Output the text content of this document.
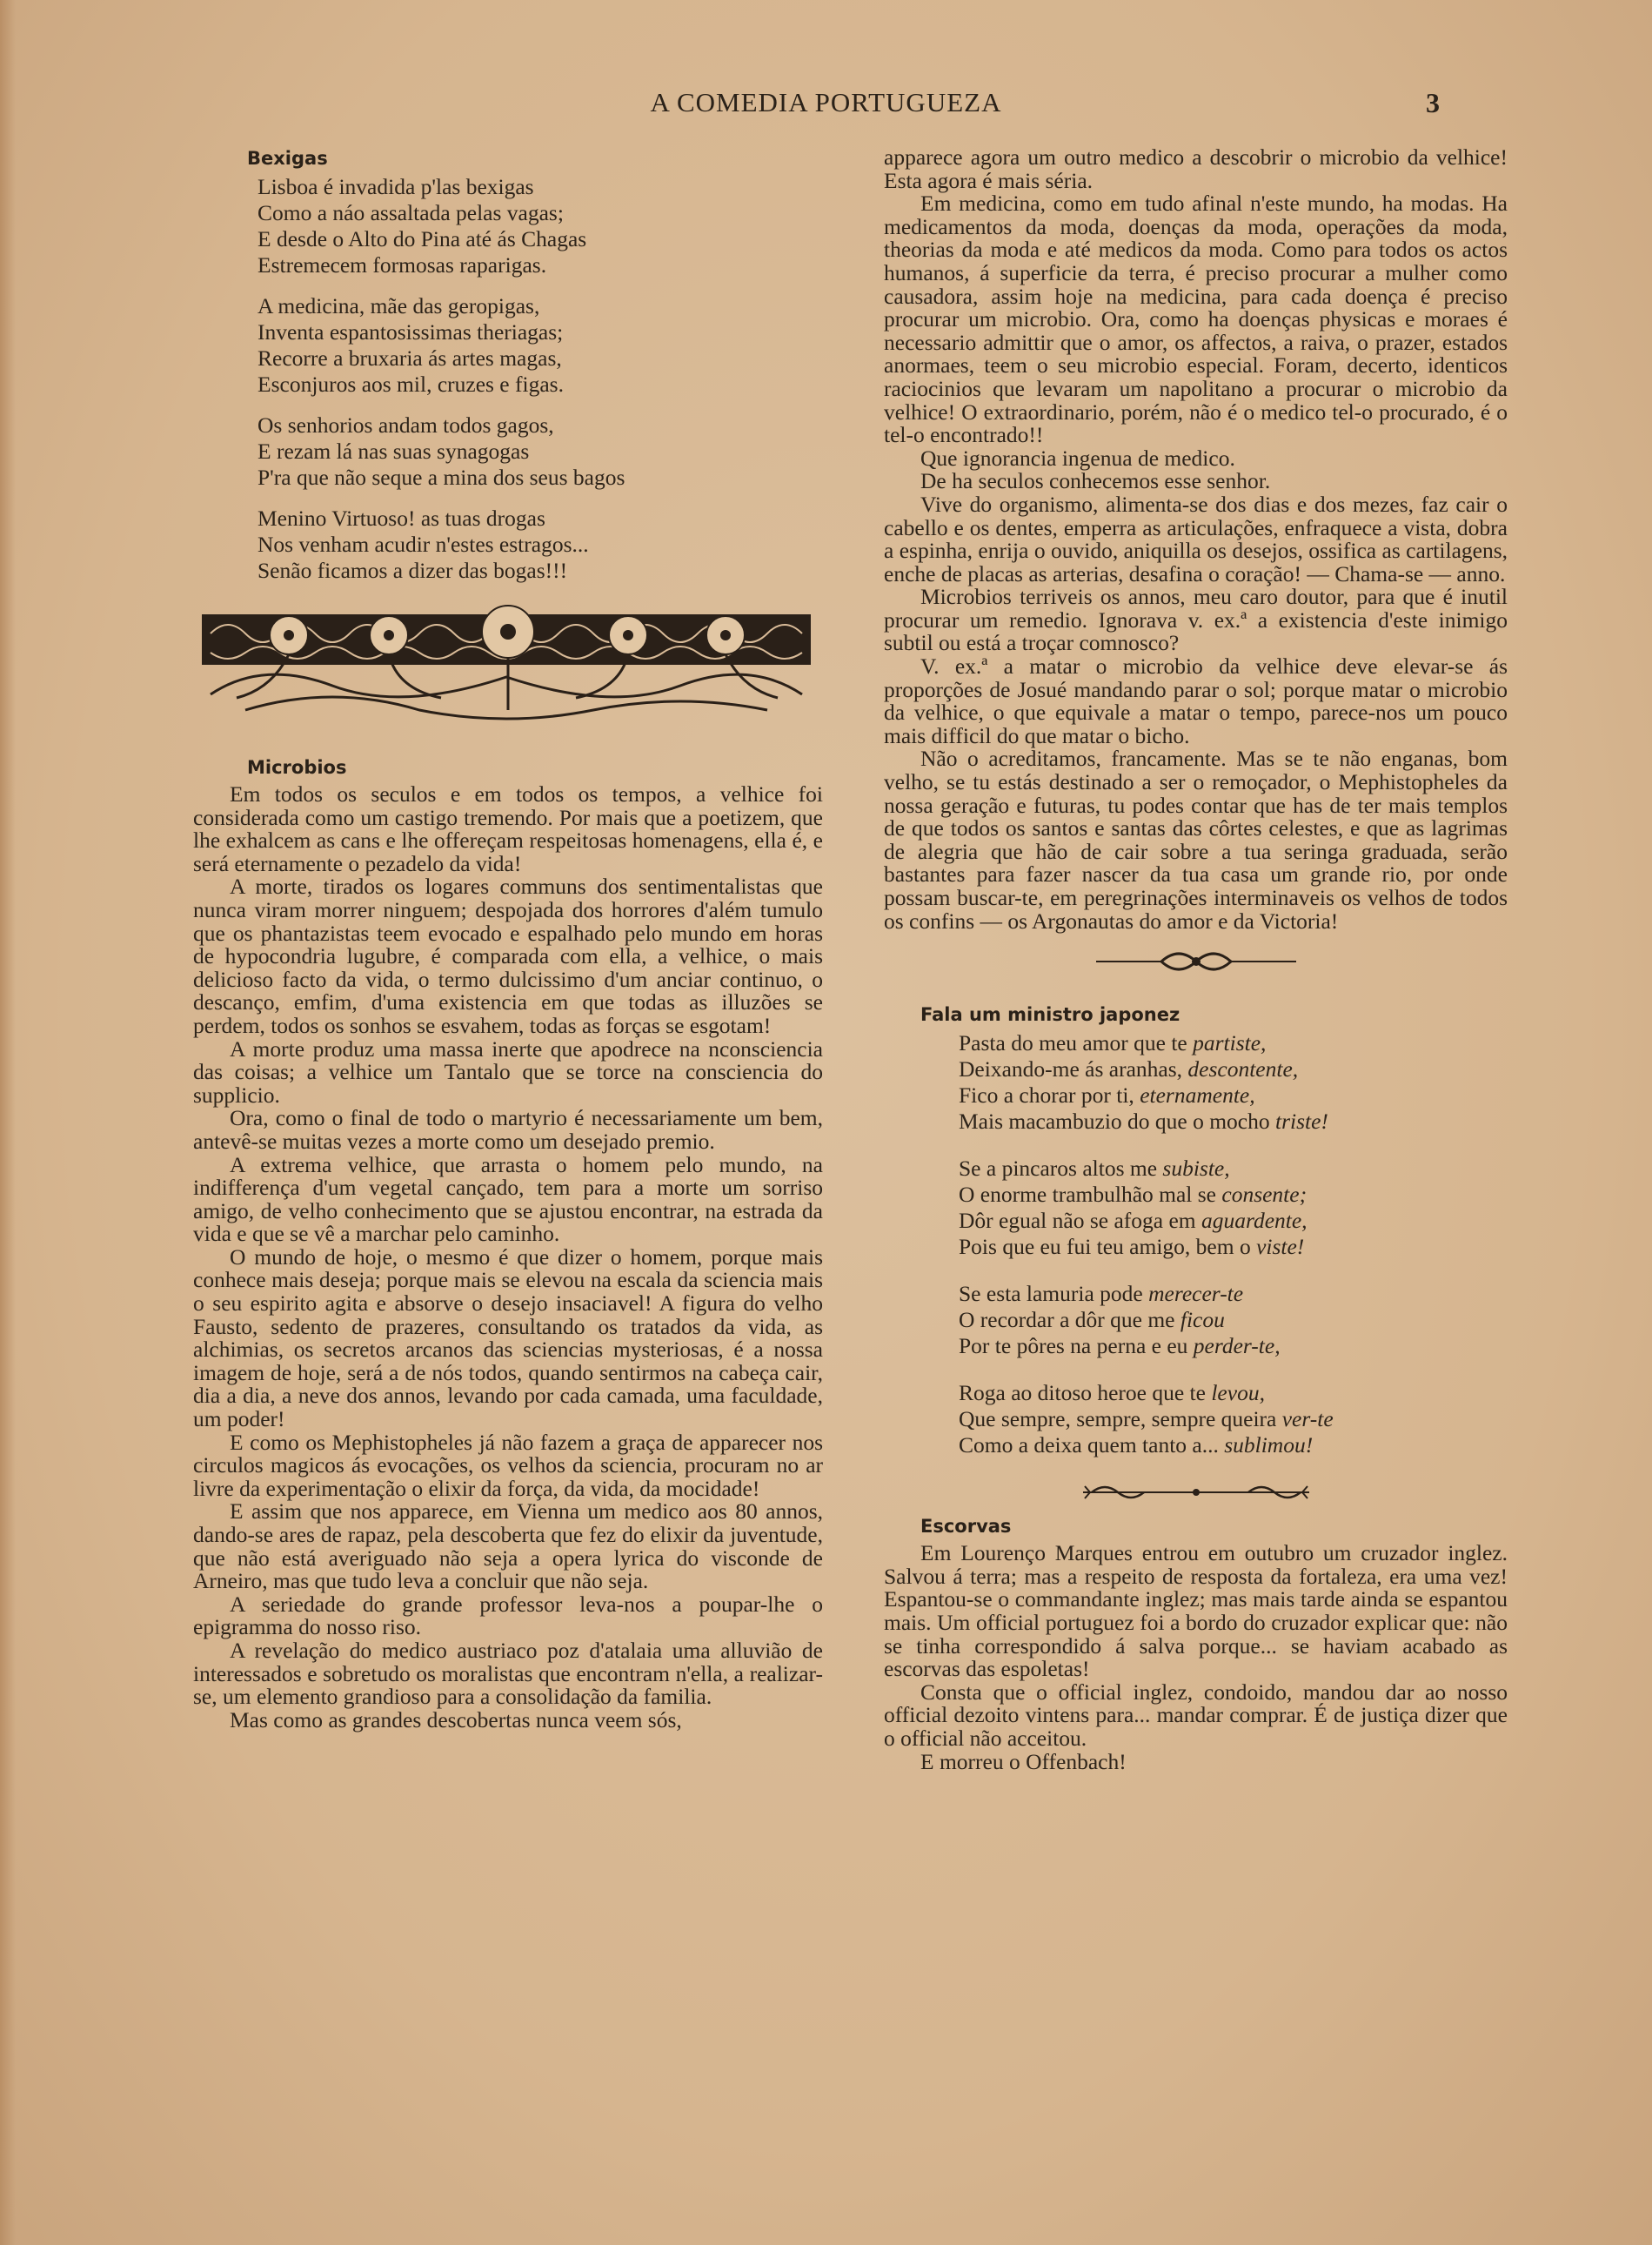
A COMEDIA PORTUGUEZA	3
Bexigas
Lisboa é invadida p'las bexigas
Como a náo assaltada pelas vagas;
E desde o Alto do Pina até ás Chagas
Estremecem formosas raparigas.
A medicina, mãe das geropigas,
Inventa espantosissimas theriagas;
Recorre a bruxaria ás artes magas,
Esconjuros aos mil, cruzes e figas.
Os senhorios andam todos gagos,
E rezam lá nas suas synagogas
P'ra que não seque a mina dos seus bagos
Menino Virtuoso! as tuas drogas
Nos venham acudir n'estes estragos...
Senão ficamos a dizer das bogas!!!
Microbios

Em todos os seculos e em todos os tempos, a velhice foi considerada como um castigo tremendo. Por mais que a poetizem, que lhe exhalcem as cans e lhe offereçam respeitosas homenagens, ella é, e será eternamente o pezadelo da vida!

A morte, tirados os logares communs dos sentimentalistas que nunca viram morrer ninguem; despojada dos horrores d'além tumulo que os phantazistas teem evocado e espalhado pelo mundo em horas de hypocondria lugubre, é comparada com ella, a velhice, o mais delicioso facto da vida, o termo dulcissimo d'um anciar continuo, o descanço, emfim, d'uma existencia em que todas as illuzões se perdem, todos os sonhos se esvahem, todas as forças se esgotam!

A morte produz uma massa inerte que apodrece na nconsciencia das coisas; a velhice um Tantalo que se torce na consciencia do supplicio.

Ora, como o final de todo o martyrio é necessariamente um bem, antevê-se muitas vezes a morte como um desejado premio.

A extrema velhice, que arrasta o homem pelo mundo, na indifferença d'um vegetal cançado, tem para a morte um sorriso amigo, de velho conhecimento que se ajustou encontrar, na estrada da vida e que se vê a marchar pelo caminho.

O mundo de hoje, o mesmo é que dizer o homem, porque mais conhece mais deseja; porque mais se elevou na escala da sciencia mais o seu espirito agita e absorve o desejo insaciavel! A figura do velho Fausto, sedento de prazeres, consultando os tratados da vida, as alchimias, os secretos arcanos das sciencias mysteriosas, é a nossa imagem de hoje, será a de nós todos, quando sentirmos na cabeça cair, dia a dia, a neve dos annos, levando por cada camada, uma faculdade, um poder!

E como os Mephistopheles já não fazem a graça de apparecer nos circulos magicos ás evocações, os velhos da sciencia, procuram no ar livre da experimentação o elixir da força, da vida, da mocidade!

E assim que nos apparece, em Vienna um medico aos 80 annos, dando-se ares de rapaz, pela descoberta que fez do elixir da juventude, que não está averiguado não seja a opera lyrica do visconde de Arneiro, mas que tudo leva a concluir que não seja.

A seriedade do grande professor leva-nos a poupar-lhe o epigramma do nosso riso.

A revelação do medico austriaco poz d'atalaia uma alluvião de interessados e sobretudo os moralistas que encontram n'ella, a realizar-se, um elemento grandioso para a consolidação da familia.

Mas como as grandes descobertas nunca veem sós,

apparece agora um outro medico a descobrir o microbio da velhice! Esta agora é mais séria.

Em medicina, como em tudo afinal n'este mundo, ha modas. Ha medicamentos da moda, doenças da moda, operações da moda, theorias da moda e até medicos da moda. Como para todos os actos humanos, á superficie da terra, é preciso procurar a mulher como causadora, assim hoje na medicina, para cada doença é preciso procurar um microbio. Ora, como ha doenças physicas e moraes é necessario admittir que o amor, os affectos, a raiva, o prazer, estados anormaes, teem o seu microbio especial. Foram, decerto, identicos raciocinios que levaram um napolitano a procurar o microbio da velhice! O extraordinario, porém, não é o medico tel-o procurado, é o tel-o encontrado!!

Que ignorancia ingenua de medico.

De ha seculos conhecemos esse senhor.

Vive do organismo, alimenta-se dos dias e dos mezes, faz cair o cabello e os dentes, emperra as articulações, enfraquece a vista, dobra a espinha, enrija o ouvido, aniquilla os desejos, ossifica as cartilagens, enche de placas as arterias, desafina o coração! — Chama-se — anno.

Microbios terriveis os annos, meu caro doutor, para que é inutil procurar um remedio. Ignorava v. ex.ª a existencia d'este inimigo subtil ou está a troçar comnosco?

V. ex.ª a matar o microbio da velhice deve elevar-se ás proporções de Josué mandando parar o sol; porque matar o microbio da velhice, o que equivale a matar o tempo, parece-nos um pouco mais difficil do que matar o bicho.

Não o acreditamos, francamente. Mas se te não enganas, bom velho, se tu estás destinado a ser o remoçador, o Mephistopheles da nossa geração e futuras, tu podes contar que has de ter mais templos de que todos os santos e santas das côrtes celestes, e que as lagrimas de alegria que hão de cair sobre a tua seringa graduada, serão bastantes para fazer nascer da tua casa um grande rio, por onde possam buscar-te, em peregrinações interminaveis os velhos de todos os confins — os Argonautas do amor e da Victoria!

Fala um ministro japonez
Pasta do meu amor que te partiste,
Deixando-me ás aranhas, descontente,
Fico a chorar por ti, eternamente,
Mais macambuzio do que o mocho triste!
Se a pincaros altos me subiste,
O enorme trambulhão mal se consente;
Dôr egual não se afoga em aguardente,
Pois que eu fui teu amigo, bem o viste!
Se esta lamuria pode merecer-te
O recordar a dôr que me ficou
Por te pôres na perna e eu perder-te,
Roga ao ditoso heroe que te levou,
Que sempre, sempre, sempre queira ver-te
Como a deixa quem tanto a... sublimou!
Escorvas

Em Lourenço Marques entrou em outubro um cruzador inglez. Salvou á terra; mas a respeito de resposta da fortaleza, era uma vez! Espantou-se o commandante inglez; mas mais tarde ainda se espantou mais. Um official portuguez foi a bordo do cruzador explicar que: não se tinha correspondido á salva porque... se haviam acabado as escorvas das espoletas!

Consta que o official inglez, condoido, mandou dar ao nosso official dezoito vintens para... mandar comprar. É de justiça dizer que o official não acceitou.

E morreu o Offenbach!
